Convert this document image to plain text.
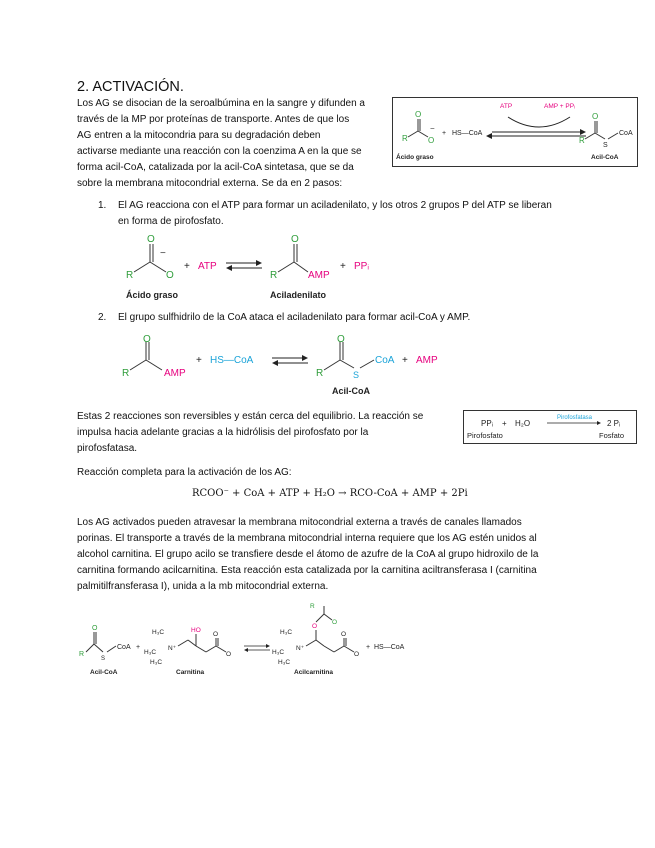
2. ACTIVACIÓN.
Los AG se disocian de la seroalbúmina en la sangre y difunden a
través de la MP por proteínas de transporte. Antes de que los
AG entren a la mitocondria para su degradación deben
activarse mediante una reacción con la coenzima A en la que se
forma acil-CoA, catalizada por la acil-CoA sintetasa, que se da
sobre la membrana mitocondrial externa. Se da en 2 pasos:
R
O
O
−
Ácido graso
+ HS—CoA
ATP	AMP + PPᵢ
R
O
S
CoA
Acil-CoA
1. El AG reacciona con el ATP para formar un aciladenilato, y los otros 2 grupos P del ATP se liberan
en forma de pirofosfato.
R
O
O
−
Ácido graso
+ ATP
R
O
AMP
Aciladenilato
+ PPᵢ
2. El grupo sulfhidrilo de la CoA ataca el aciladenilato para formar acil-CoA y AMP.
R
O
AMP
+ HS—CoA
R
O
S
CoA + AMP
Acil-CoA
Estas 2 reacciones son reversibles y están cerca del equilibrio. La reacción se
impulsa hacia adelante gracias a la hidrólisis del pirofosfato por la
pirofosfatasa.
PPᵢ + H₂O
Pirofosfatasa
2 Pᵢ
Pirofosfato	Fosfato
Reacción completa para la activación de los AG:
RCOO⁻ + CoA + ATP + H₂O → RCO-CoA + AMP + 2Pi
Los AG activados pueden atravesar la membrana mitocondrial externa a través de canales llamados
porinas. El transporte a través de la membrana mitocondrial interna requiere que los AG estén unidos al
alcohol carnitina. El grupo acilo se transfiere desde el átomo de azufre de la CoA al grupo hidroxilo de la
carnitina formando acilcarnitina. Esta reacción esta catalizada por la carnitina aciltransferasa I (carnitina
palmitilfransferasa I), unida a la mb mitocondrial externa.
R
O
S
CoA +
Acil-CoA
H₃C
H₃C
H₃C
N⁺
HO
O
O
Carnitina
H₃C
H₃C
H₃C
N⁺
O
R
O
O
O
Acilcarnitina
+ HS—CoA
